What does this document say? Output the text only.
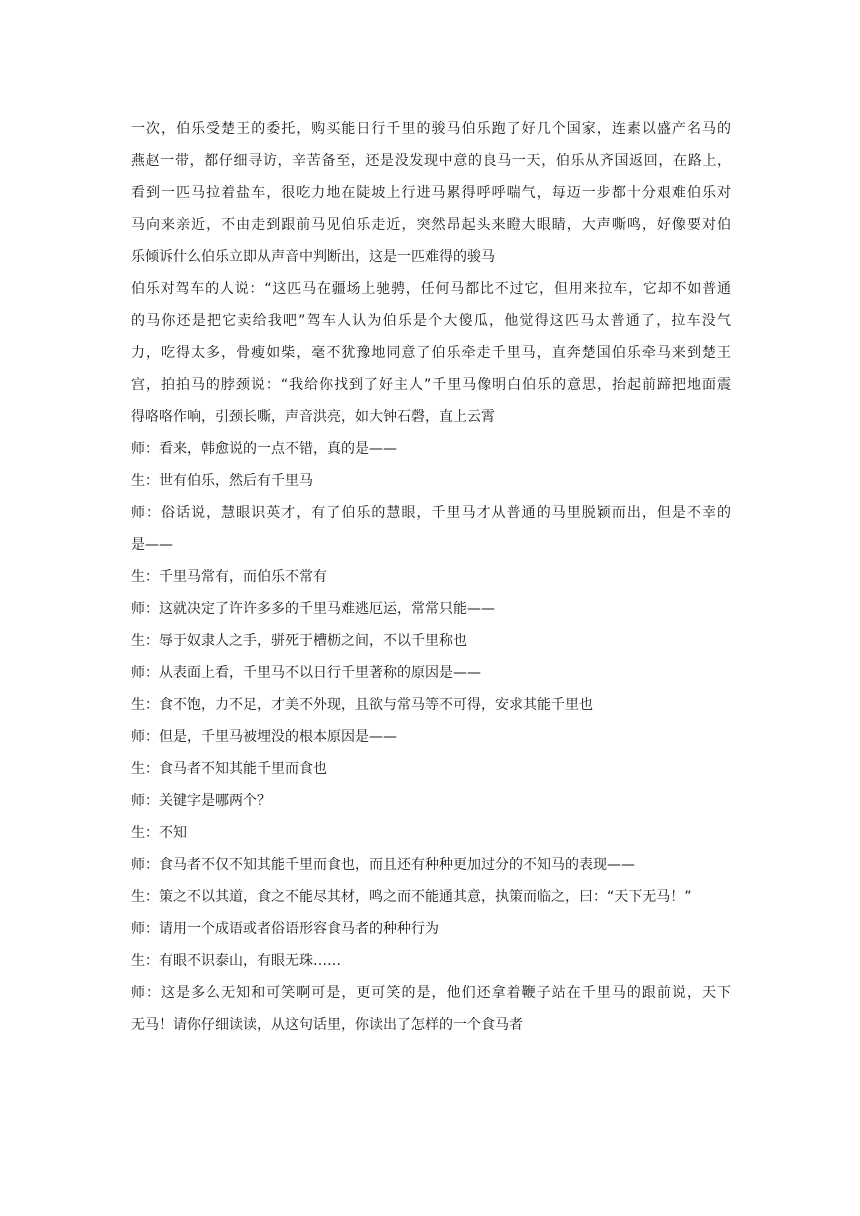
一次，伯乐受楚王的委托，购买能日行千里的骏马伯乐跑了好几个国家，连素以盛产名马的
燕赵一带，都仔细寻访，辛苦备至，还是没发现中意的良马一天，伯乐从齐国返回，在路上，
看到一匹马拉着盐车，很吃力地在陡坡上行进马累得呼呼喘气，每迈一步都十分艰难伯乐对
马向来亲近，不由走到跟前马见伯乐走近，突然昂起头来瞪大眼睛，大声嘶鸣，好像要对伯
乐倾诉什么伯乐立即从声音中判断出，这是一匹难得的骏马
伯乐对驾车的人说：“这匹马在疆场上驰骋，任何马都比不过它，但用来拉车，它却不如普通
的马你还是把它卖给我吧”驾车人认为伯乐是个大傻瓜，他觉得这匹马太普通了，拉车没气
力，吃得太多，骨瘦如柴，毫不犹豫地同意了伯乐牵走千里马，直奔楚国伯乐牵马来到楚王
宫，拍拍马的脖颈说：“我给你找到了好主人”千里马像明白伯乐的意思，抬起前蹄把地面震
得咯咯作响，引颈长嘶，声音洪亮，如大钟石磬，直上云霄
师：看来，韩愈说的一点不错，真的是——
生：世有伯乐，然后有千里马
师：俗话说，慧眼识英才，有了伯乐的慧眼，千里马才从普通的马里脱颖而出，但是不幸的
是——
生：千里马常有，而伯乐不常有
师：这就决定了许许多多的千里马难逃厄运，常常只能——
生：辱于奴隶人之手，骈死于槽枥之间，不以千里称也
师：从表面上看，千里马不以日行千里著称的原因是——
生：食不饱，力不足，才美不外现，且欲与常马等不可得，安求其能千里也
师：但是，千里马被埋没的根本原因是——
生：食马者不知其能千里而食也
师：关键字是哪两个？
生：不知
师：食马者不仅不知其能千里而食也，而且还有种种更加过分的不知马的表现——
生：策之不以其道，食之不能尽其材，鸣之而不能通其意，执策而临之，曰：“天下无马！”
师：请用一个成语或者俗语形容食马者的种种行为
生：有眼不识泰山，有眼无珠……
师：这是多么无知和可笑啊可是，更可笑的是，他们还拿着鞭子站在千里马的跟前说，天下
无马！请你仔细读读，从这句话里，你读出了怎样的一个食马者
